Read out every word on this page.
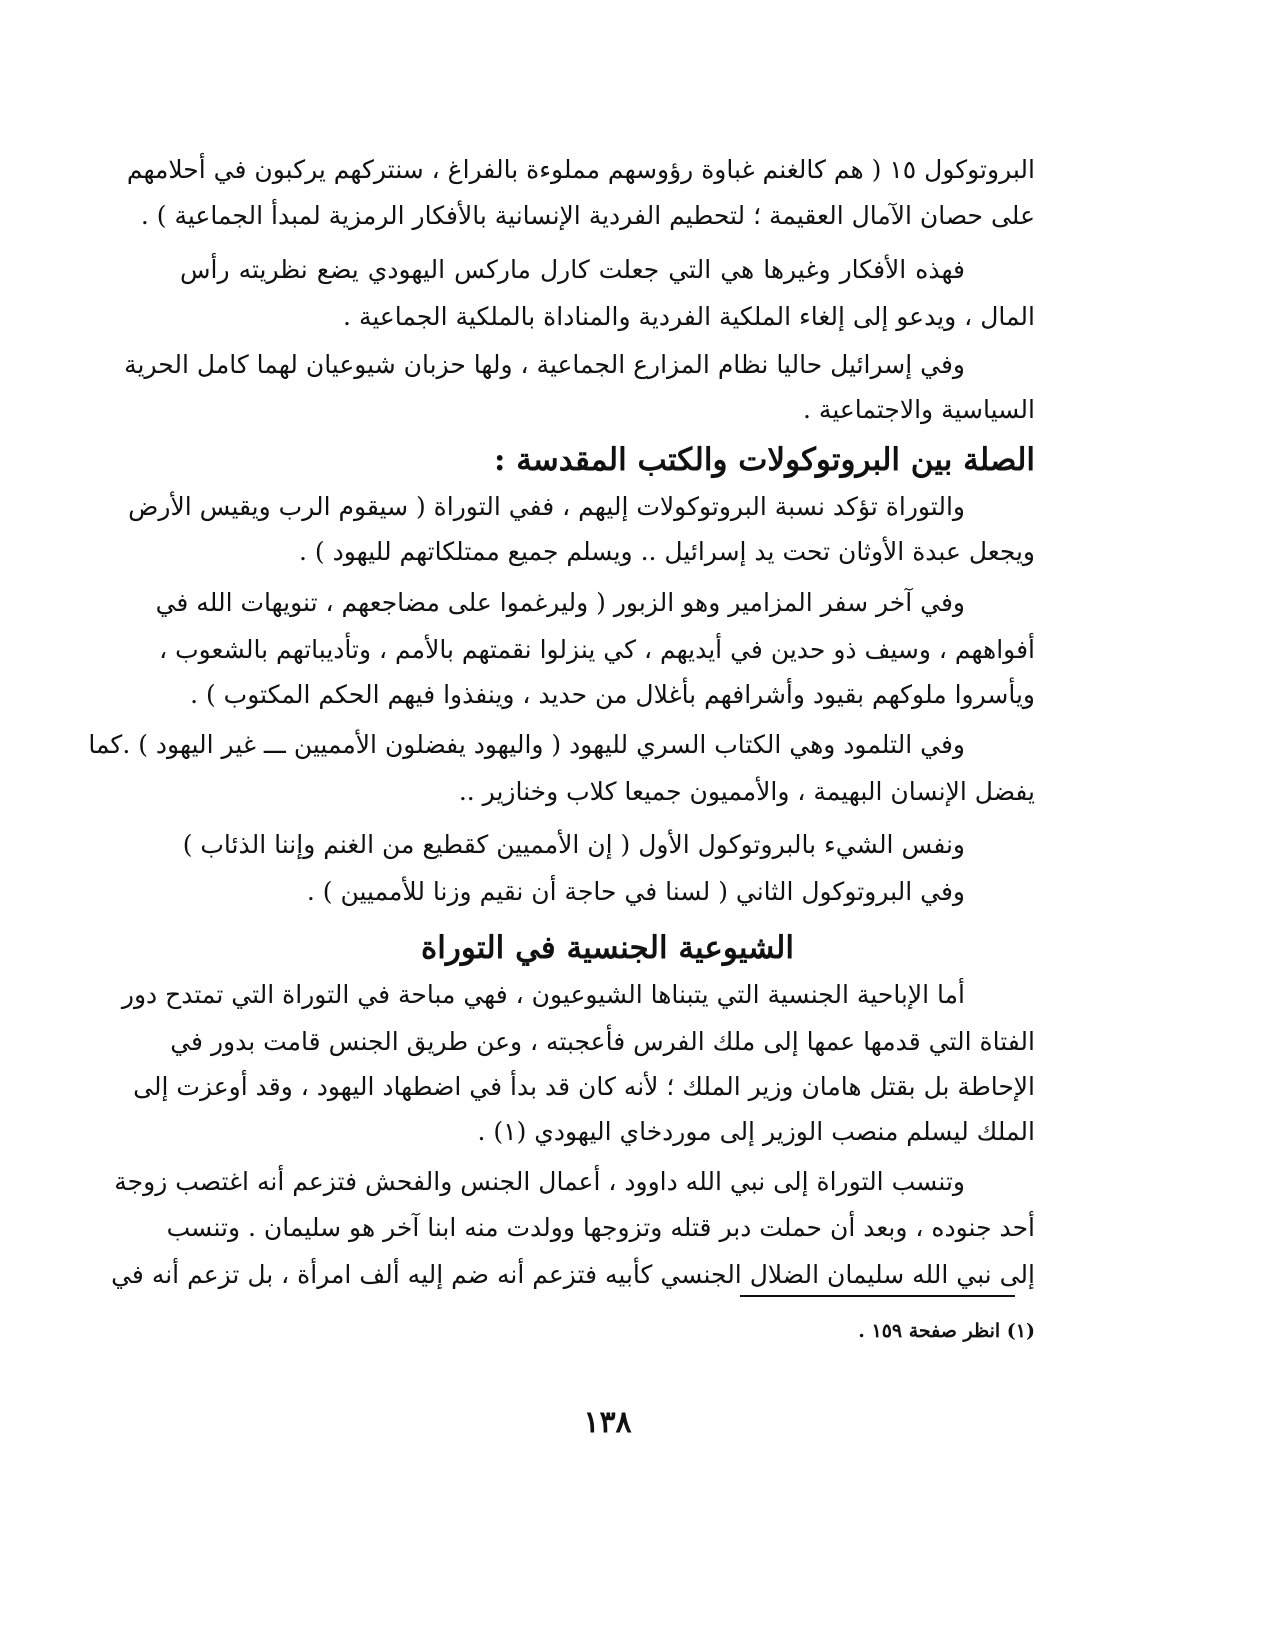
البروتوكول ١٥ ( هم كالغنم غباوة رؤوسهم مملوءة بالفراغ ، سنتركهم يركبون في أحلامهم
على حصان الآمال العقيمة ؛ لتحطيم الفردية الإنسانية بالأفكار الرمزية لمبدأ الجماعية ) .
فهذه الأفكار وغيرها هي التي جعلت كارل ماركس اليهودي يضع نظريته رأس
المال ، ويدعو إلى إلغاء الملكية الفردية والمناداة بالملكية الجماعية .
وفي إسرائيل حاليا نظام المزارع الجماعية ، ولها حزبان شيوعيان لهما كامل الحرية
السياسية والاجتماعية .
الصلة بين البروتوكولات والكتب المقدسة :
والتوراة تؤكد نسبة البروتوكولات إليهم ، ففي التوراة ( سيقوم الرب ويقيس الأرض
ويجعل عبدة الأوثان تحت يد إسرائيل .. ويسلم جميع ممتلكاتهم لليهود ) .
وفي آخر سفر المزامير وهو الزبور ( وليرغموا على مضاجعهم ، تنويهات الله في
أفواههم ، وسيف ذو حدين في أيديهم ، كي ينزلوا نقمتهم بالأمم ، وتأديباتهم بالشعوب ،
ويأسروا ملوكهم بقيود وأشرافهم بأغلال من حديد ، وينفذوا فيهم الحكم المكتوب ) .
وفي التلمود وهي الكتاب السري لليهود ( واليهود يفضلون الأمميين ـــ غير اليهود ) .كما
يفضل الإنسان البهيمة ، والأمميون جميعا كلاب وخنازير ..
ونفس الشيء بالبروتوكول الأول ( إن الأمميين كقطيع من الغنم وإننا الذئاب )
وفي البروتوكول الثاني ( لسنا في حاجة أن نقيم وزنا للأمميين ) .
الشيوعية الجنسية في التوراة
أما الإباحية الجنسية التي يتبناها الشيوعيون ، فهي مباحة في التوراة التي تمتدح دور
الفتاة التي قدمها عمها إلى ملك الفرس فأعجبته ، وعن طريق الجنس قامت بدور في
الإحاطة بل بقتل هامان وزير الملك ؛ لأنه كان قد بدأ في اضطهاد اليهود ، وقد أوعزت إلى
الملك ليسلم منصب الوزير إلى موردخاي اليهودي (١) .
وتنسب التوراة إلى نبي الله داوود ، أعمال الجنس والفحش فتزعم أنه اغتصب زوجة
أحد جنوده ، وبعد أن حملت دبر قتله وتزوجها وولدت منه ابنا آخر هو سليمان . وتنسب
إلى نبي الله سليمان الضلال الجنسي كأبيه فتزعم أنه ضم إليه ألف امرأة ، بل تزعم أنه في
(١) انظر صفحة ١٥٩ .
١٣٨
